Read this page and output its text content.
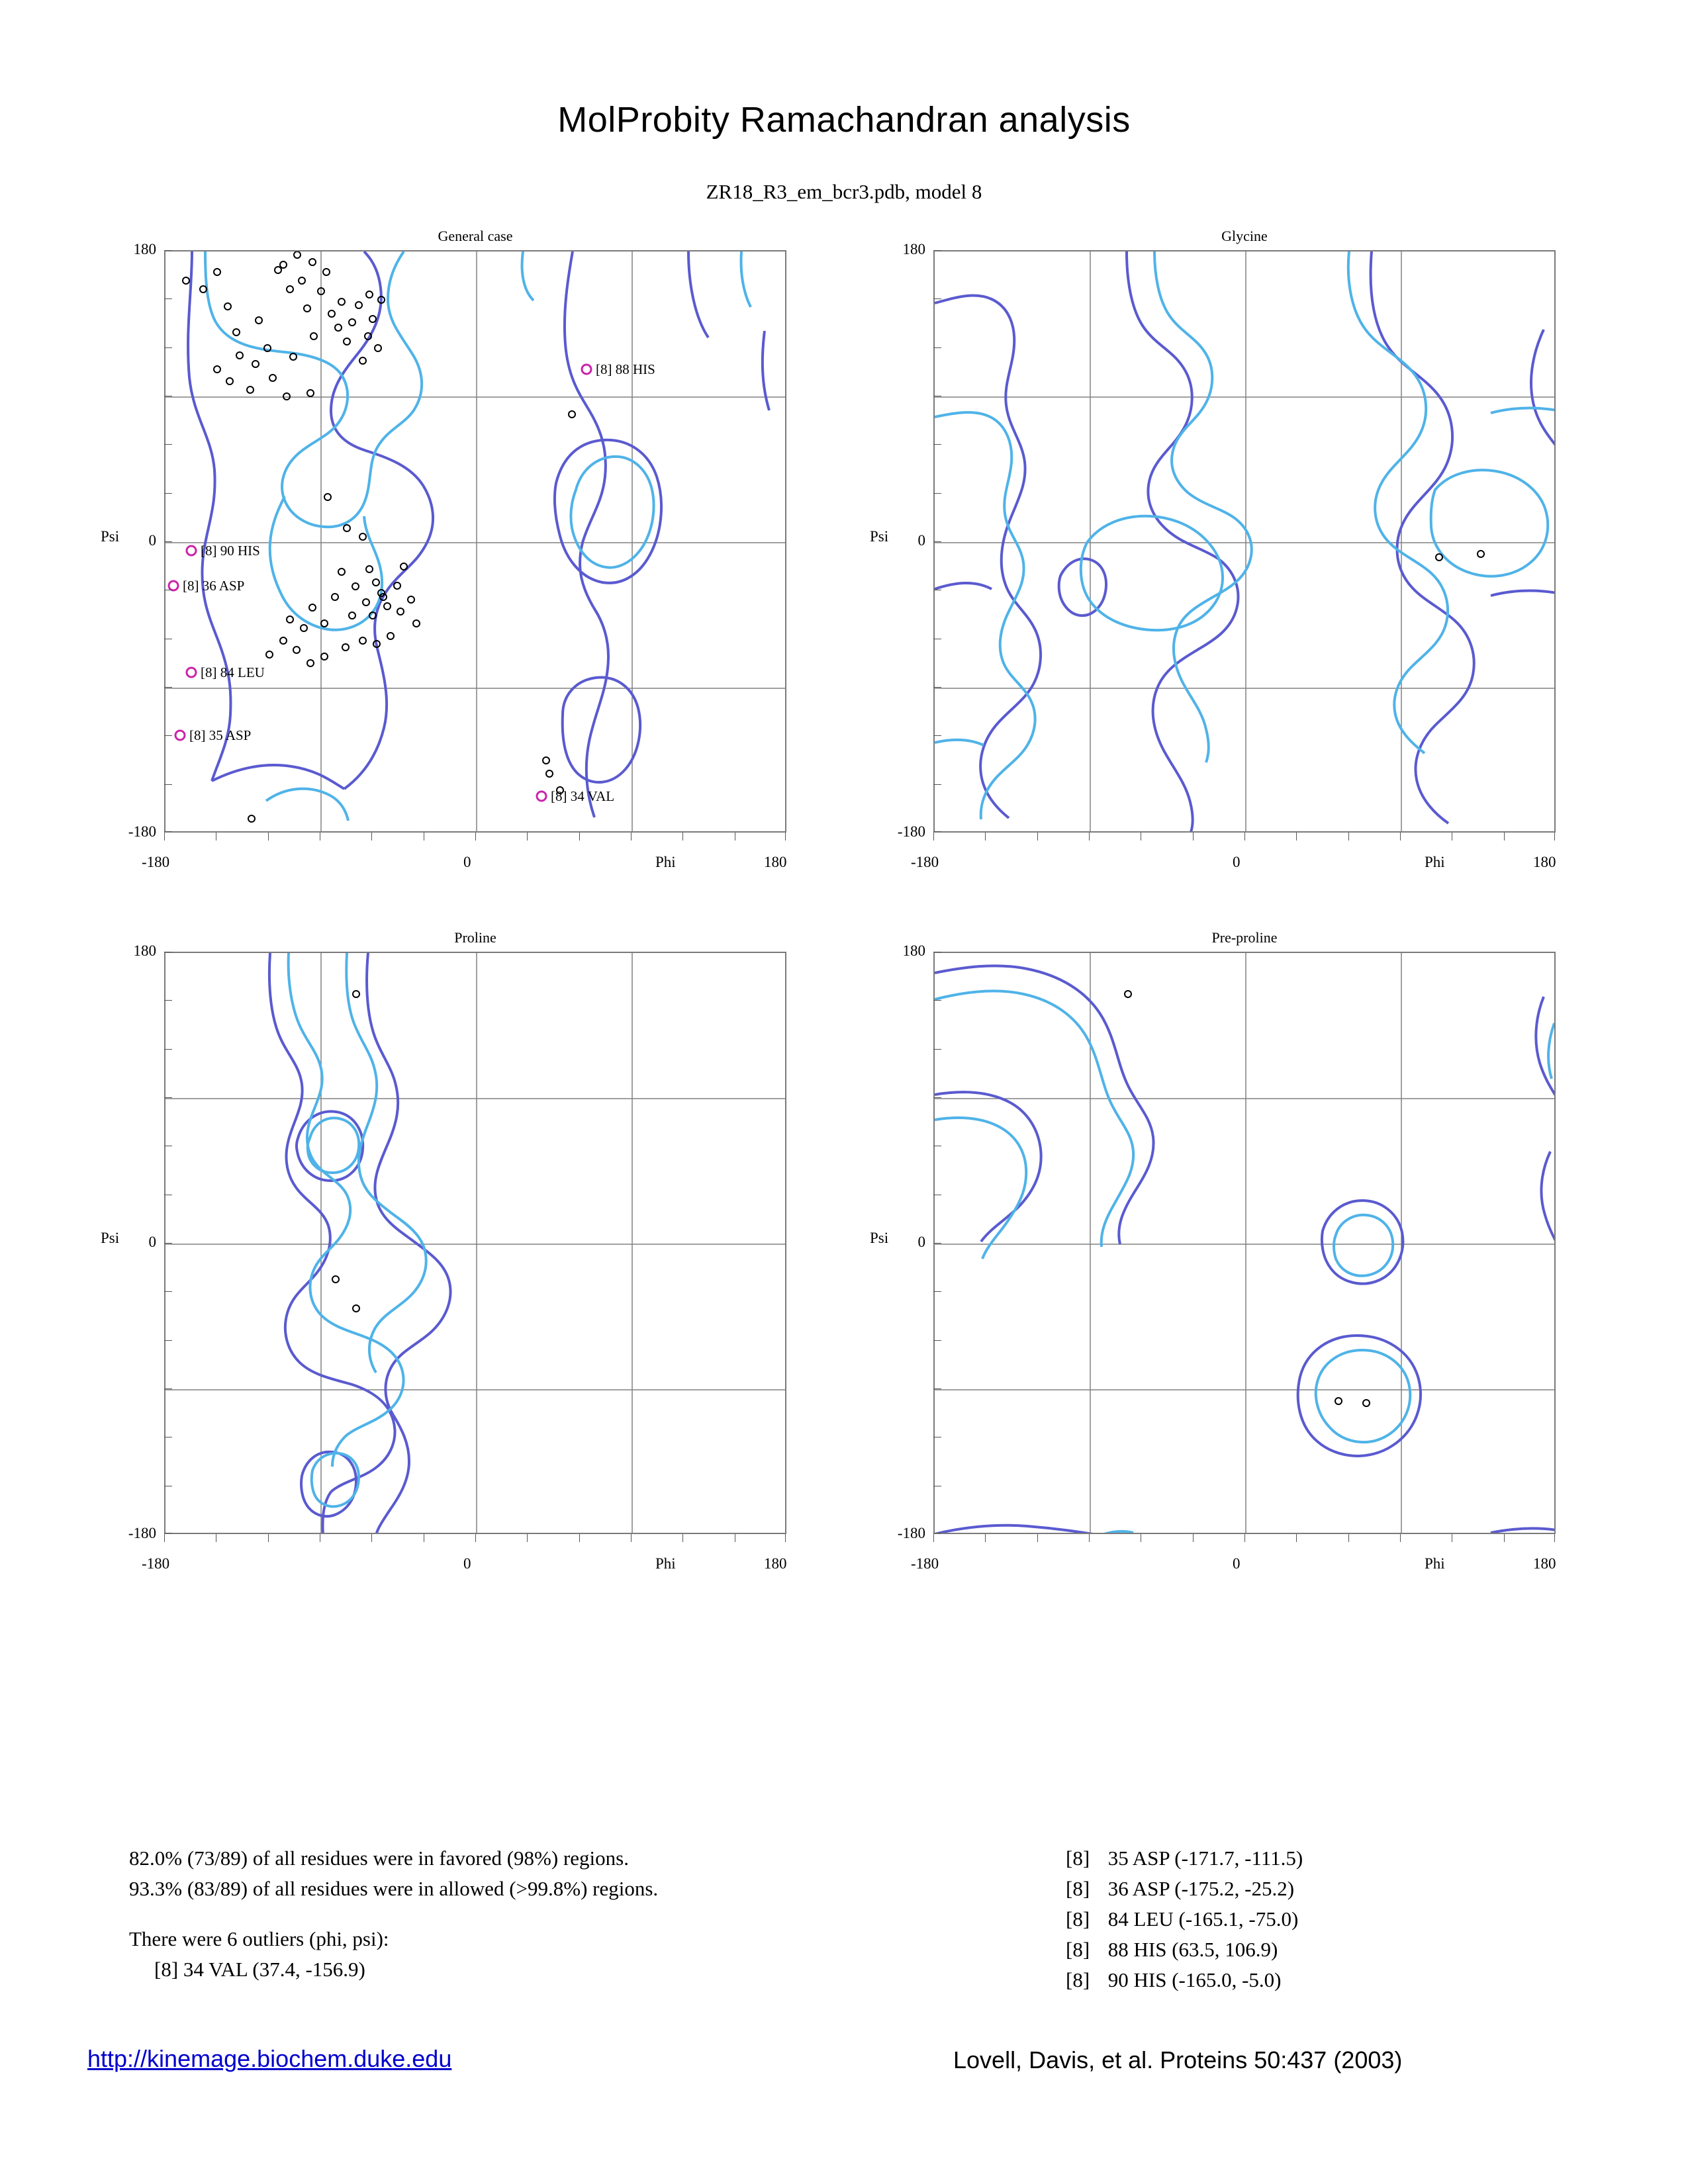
MolProbity Ramachandran analysis
ZR18_R3_em_bcr3.pdb, model 8
General case
[8] 88 HIS
[8] 90 HIS
[8] 36 ASP
[8] 84 LEU
[8] 35 ASP
[8] 34 VAL
180
0
-180
Psi
-180	0	180
Phi
Glycine
180
0
-180
Psi
-180	0	180
Phi
Proline
180
0
-180
Psi
-180	0	180
Phi
Pre-proline
180
0
-180
Psi
-180	0	180
Phi
82.0% (73/89) of all residues were in favored (98%) regions.
93.3% (83/89) of all residues were in allowed (>99.8%) regions.
There were 6 outliers (phi, psi):
[8] 34 VAL (37.4, -156.9)
[8] 35 ASP (-171.7, -111.5)
[8] 36 ASP (-175.2, -25.2)
[8] 84 LEU (-165.1, -75.0)
[8] 88 HIS (63.5, 106.9)
[8] 90 HIS (-165.0, -5.0)
http://kinemage.biochem.duke.edu	Lovell, Davis, et al. Proteins 50:437 (2003)
